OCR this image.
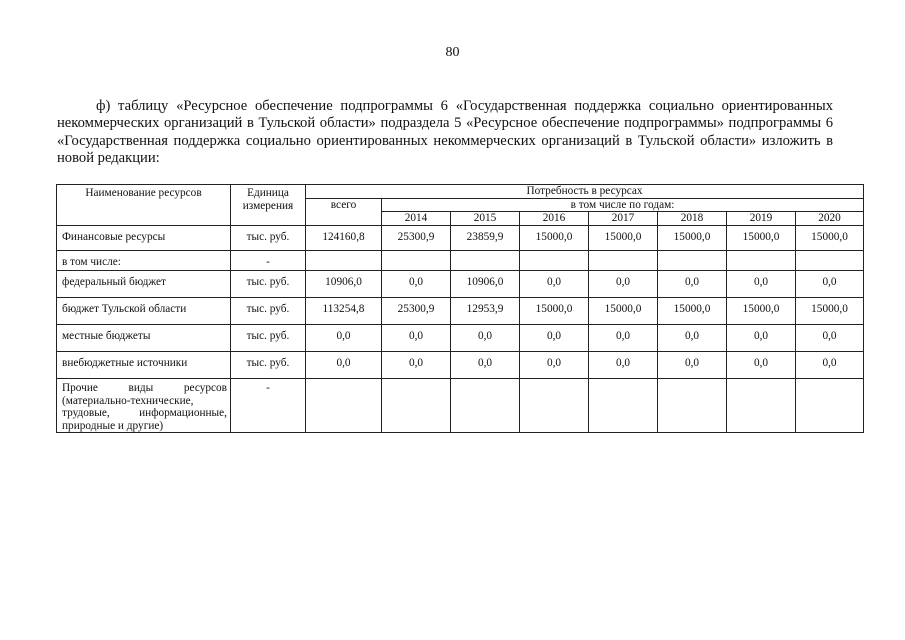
80
ф) таблицу «Ресурсное обеспечение подпрограммы 6 «Государственная поддержка социально ориентированных некоммерческих организаций в Тульской области» подраздела 5 «Ресурсное обеспечение подпрограммы» подпрограммы 6 «Государственная поддержка социально ориентированных некоммерческих организаций в Тульской области» изложить в новой редакции:
Наименование ресурсов	Единица измерения	Потребность в ресурсах							
		всего	в том числе по годам:						
			2014	2015	2016	2017	2018	2019	2020
Финансовые ресурсы	тыс. руб.	124160,8	25300,9	23859,9	15000,0	15000,0	15000,0	15000,0	15000,0
в том числе:	-								
федеральный бюджет	тыс. руб.	10906,0	0,0	10906,0	0,0	0,0	0,0	0,0	0,0
бюджет Тульской области	тыс. руб.	113254,8	25300,9	12953,9	15000,0	15000,0	15000,0	15000,0	15000,0
местные бюджеты	тыс. руб.	0,0	0,0	0,0	0,0	0,0	0,0	0,0	0,0
внебюджетные источники	тыс. руб.	0,0	0,0	0,0	0,0	0,0	0,0	0,0	0,0
Прочие виды ресурсов (материально-технические, трудовые, информационные, природные и другие)	-								
